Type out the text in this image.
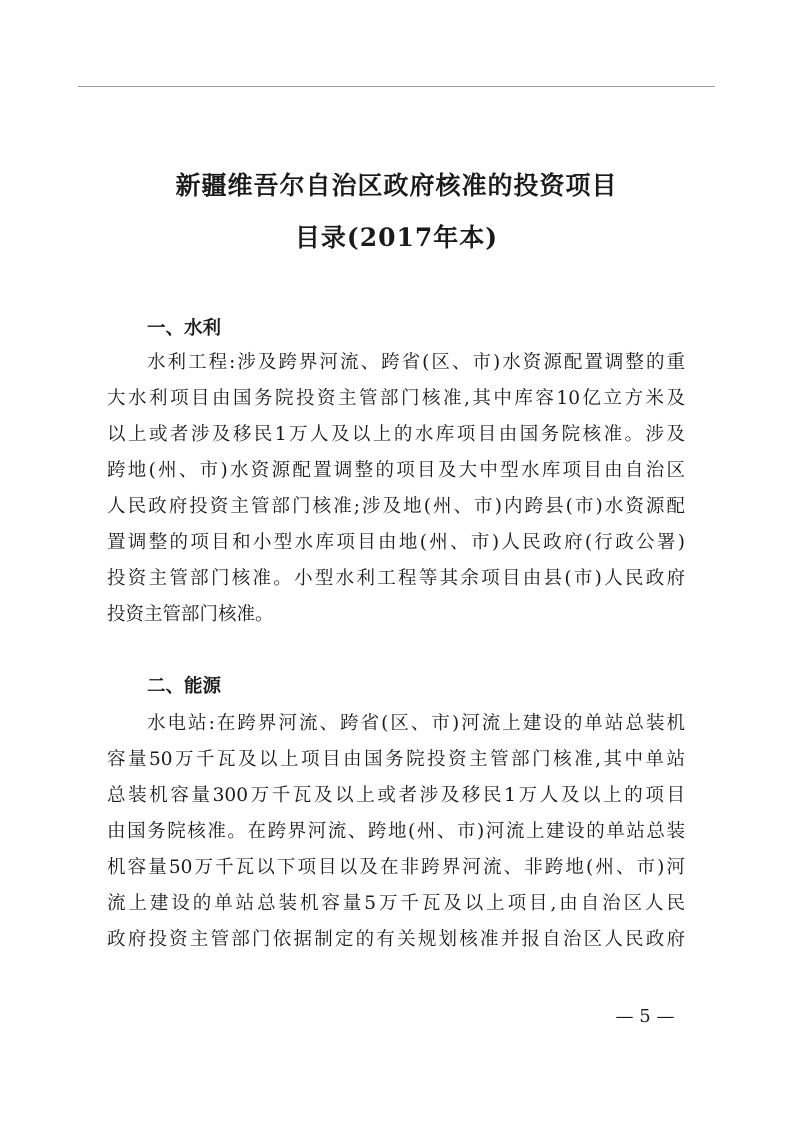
新疆维吾尔自治区政府核准的投资项目
目录(2017年本)
一、水利
水利工程:涉及跨界河流、跨省(区、市)水资源配置调整的重
大水利项目由国务院投资主管部门核准,其中库容10亿立方米及
以上或者涉及移民1万人及以上的水库项目由国务院核准。涉及
跨地(州、市)水资源配置调整的项目及大中型水库项目由自治区
人民政府投资主管部门核准;涉及地(州、市)内跨县(市)水资源配
置调整的项目和小型水库项目由地(州、市)人民政府(行政公署)
投资主管部门核准。小型水利工程等其余项目由县(市)人民政府
投资主管部门核准。
二、能源
水电站:在跨界河流、跨省(区、市)河流上建设的单站总装机
容量50万千瓦及以上项目由国务院投资主管部门核准,其中单站
总装机容量300万千瓦及以上或者涉及移民1万人及以上的项目
由国务院核准。在跨界河流、跨地(州、市)河流上建设的单站总装
机容量50万千瓦以下项目以及在非跨界河流、非跨地(州、市)河
流上建设的单站总装机容量5万千瓦及以上项目,由自治区人民
政府投资主管部门依据制定的有关规划核准并报自治区人民政府
— 5 —
